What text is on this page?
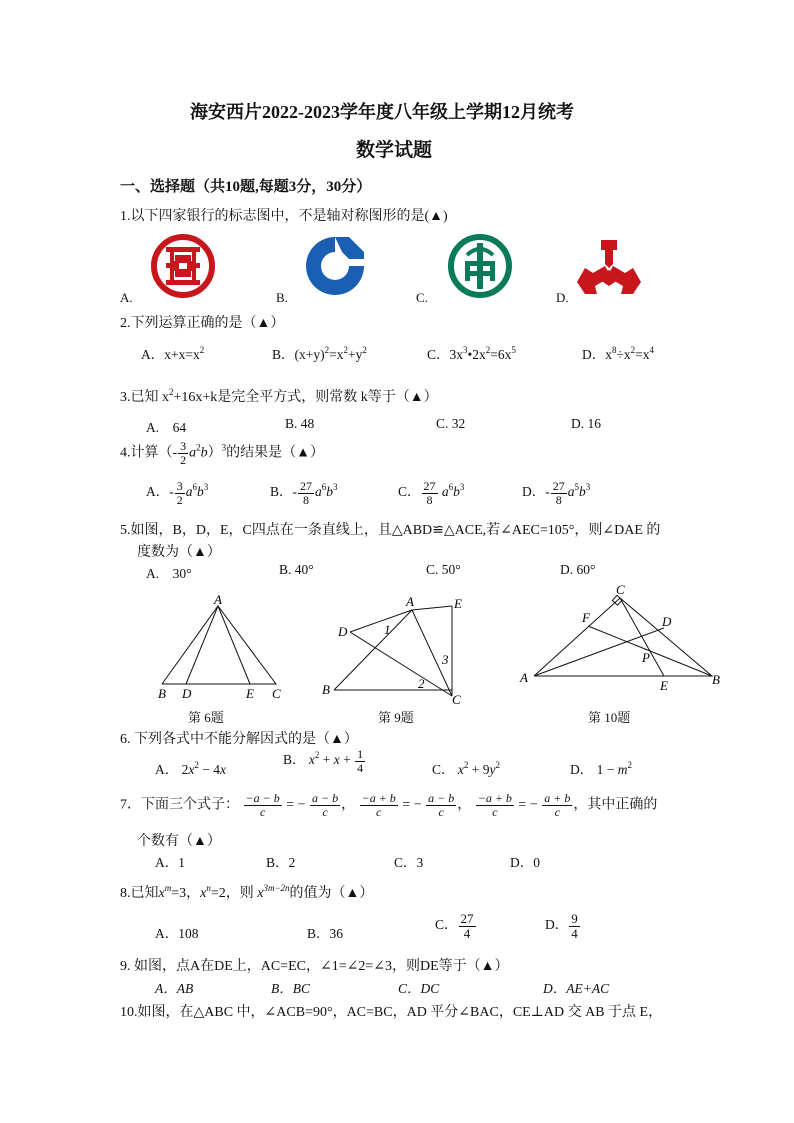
海安西片2022-2023学年度八年级上学期12月统考
数学试题
一、选择题（共10题,每题3分，30分）
1.以下四家银行的标志图中，不是轴对称图形的是(▲)
A.	B.	C.	D.
2.下列运算正确的是（▲）
A．$x+x=x^2$	B．$(x+y)^2=x^2+y^2$	C．$3x^3•2x^2=6x^5$	D．$x^8\div x^2=x^4$
3.已知 $x^2+16x+k$是完全平方式，则常数 k等于（▲）
A.　64	B. 48	C. 32	D. 16
4.计算（- $\frac{3}{2} a^2b)^3$的结果是（▲）
A．- $\frac{3}{2} a^6b^3$	B．- $\frac{27}{8} a^6b^3$	C． $\frac{27}{8} a^6b^3$	D．- $\frac{27}{8} a^5b^3$
5.如图，B，D，E，C四点在一条直线上，且△ABD≌△ACE,若∠AEC=105°，则∠DAE 的
度数为（▲）
A.　30°	B. 40°	C. 50°	D. 60°
A
B D	E C
A	E
D	1
3
2
B
C
C
F	D
P
A
E	B
第 6题	第 9题	第 10题
6. 下列各式中不能分解因式的是（▲）
A． $2x^2 - 4x$
B． $x^2 + x + \frac{1}{4}$	C． $x^2 + 9y^2$	D． $1 - m^2$
7．下面三个式子： $\frac{-a - b}{c}$ = − $\frac{a - b}{c}$ ， $\frac{-a + b}{c}$ = − $\frac{a - b}{c}$ ， $\frac{-a + b}{c}$ = − $\frac{a + b}{c}$ ，其中正确的
个数有（▲）
A．1	B．2	C．3	D．0
8.已知$x^m=3$，$x^n=2$，则 $x^{3m-2n}$的值为（▲）
A．108	B．36
C． $\frac{27}{4}$	D． $\frac{9}{4}$
9. 如图，点A在DE上，AC=EC，∠1=∠2=∠3，则DE等于（▲）
A．AB	B．BC	C．DC	D．AE+AC
10.如图，在△ABC 中，∠ACB=90°，AC=BC，AD 平分∠BAC，CE⊥AD 交 AB 于点 E，
